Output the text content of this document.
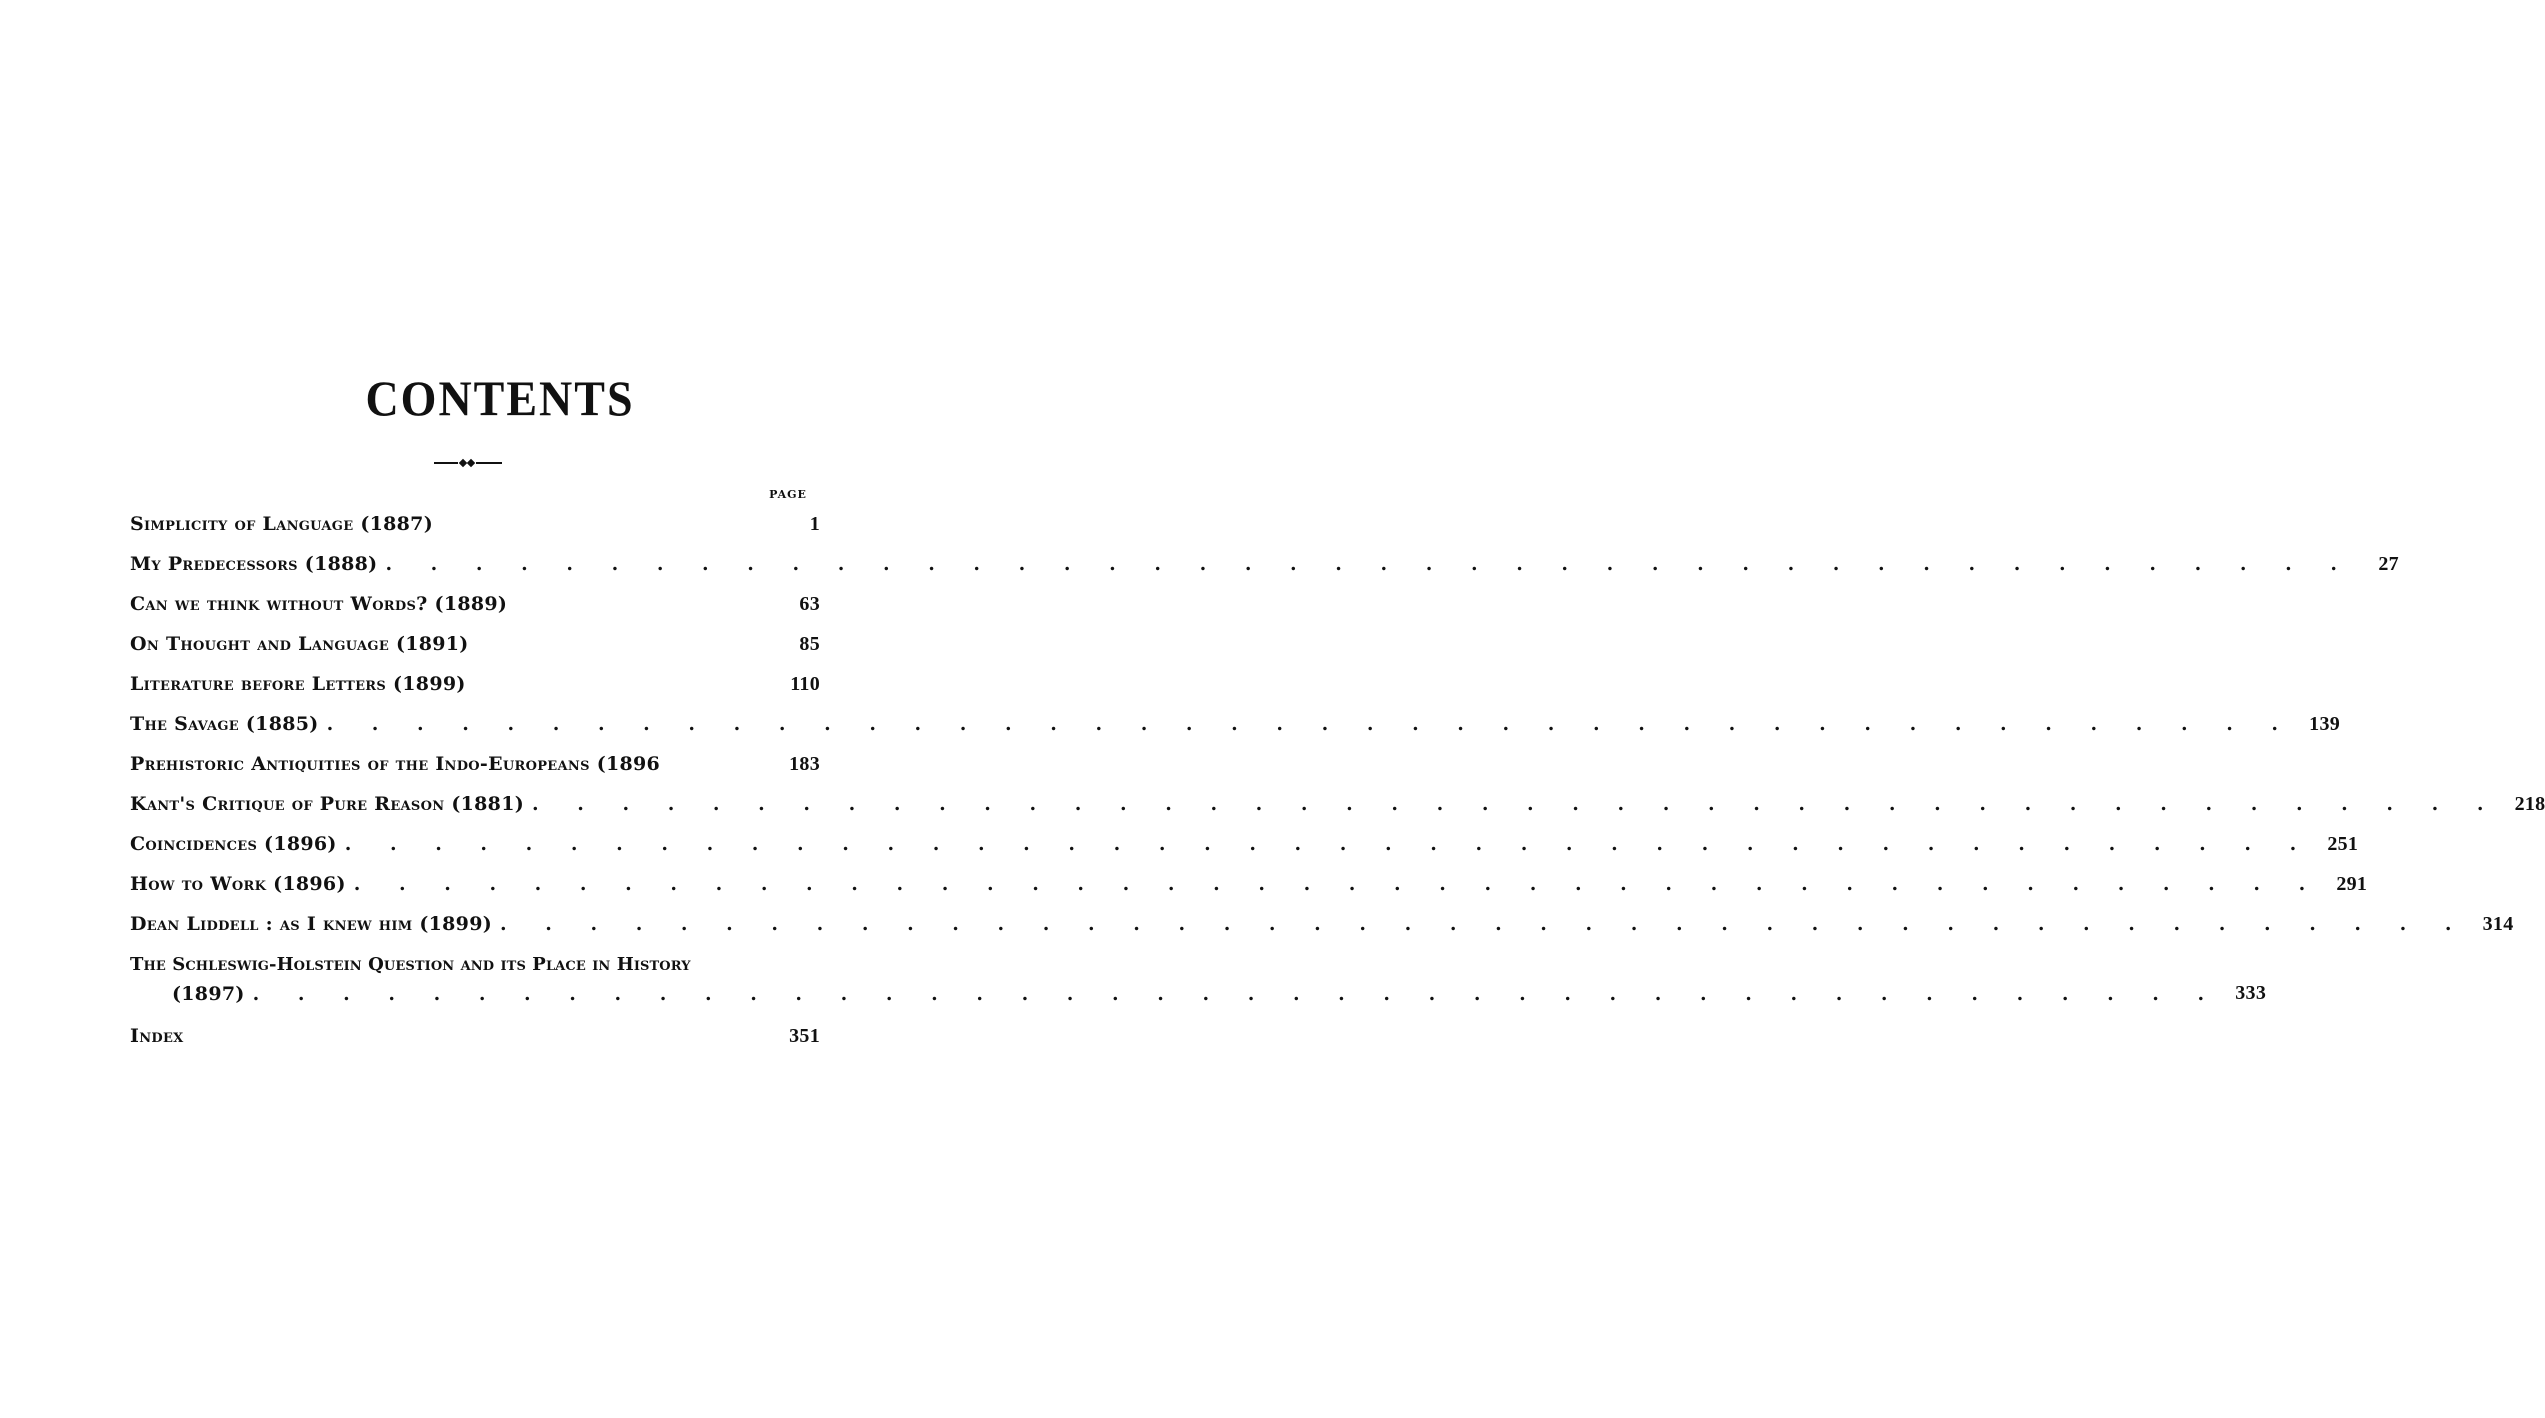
CONTENTS
PAGE
Simplicity of Language (1887)	1
My Predecessors (1888) . . . . . . . . . . . . . . . . . . . . . . . . . . . . . . . . . . . . . . . . . . . .	27
Can we think without Words? (1889)	63
On Thought and Language (1891)	85
Literature before Letters (1899)	110
The Savage (1885) . . . . . . . . . . . . . . . . . . . . . . . . . . . . . . . . . . . . . . . . . . . . 139
Prehistoric Antiquities of the Indo-Europeans (1896	183
Kant's Critique of Pure Reason (1881) . . . . . . . . . . . . . . . . . . . . . . . . . . . . . . . . . . . . . . . . . . . . 218
Coincidences (1896) . . . . . . . . . . . . . . . . . . . . . . . . . . . . . . . . . . . . . . . . . . . . 251
How to Work (1896) . . . . . . . . . . . . . . . . . . . . . . . . . . . . . . . . . . . . . . . . . . . . 291
Dean Liddell : as I knew him (1899) . . . . . . . . . . . . . . . . . . . . . . . . . . . . . . . . . . . . . . . . . . . . 314
The Schleswig-Holstein Question and its Place in History
(1897) . . . . . . . . . . . . . . . . . . . . . . . . . . . . . . . . . . . . . . . . . . . . 333
Index	351
